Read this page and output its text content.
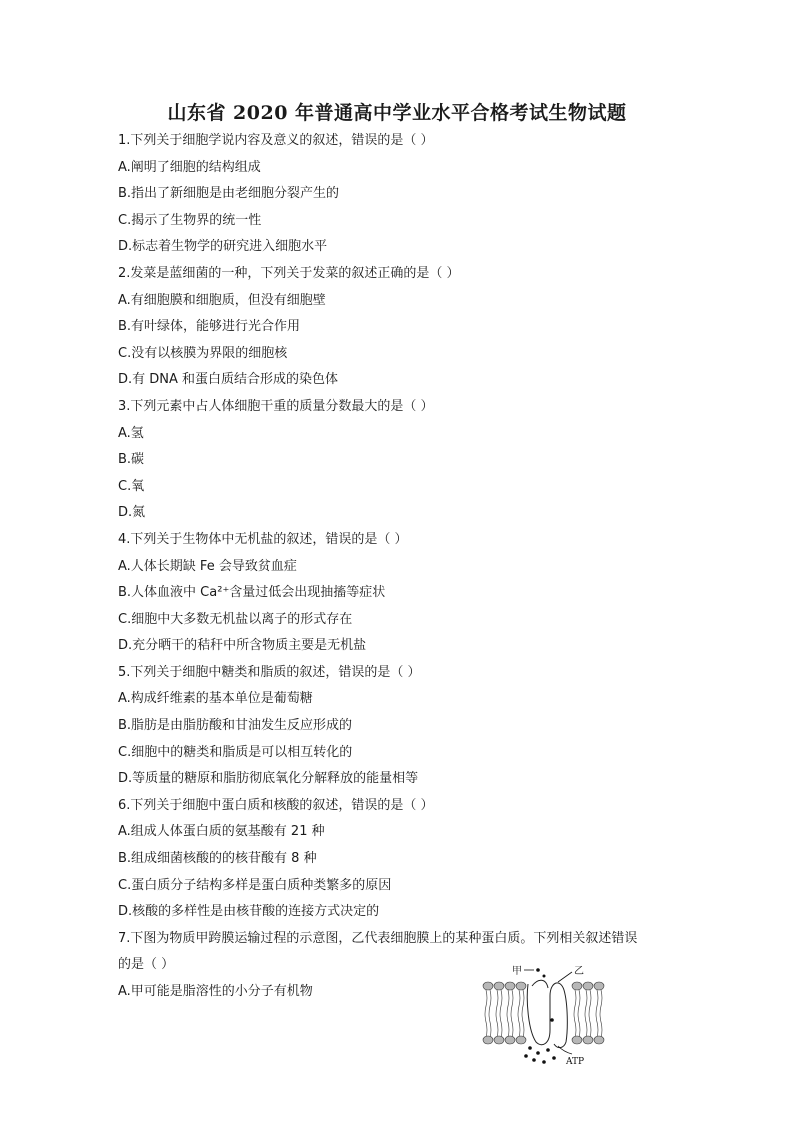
山东省 2020 年普通高中学业水平合格考试生物试题
1.下列关于细胞学说内容及意义的叙述，错误的是（ ）
A.阐明了细胞的结构组成
B.指出了新细胞是由老细胞分裂产生的
C.揭示了生物界的统一性
D.标志着生物学的研究进入细胞水平
2.发菜是蓝细菌的一种，下列关于发菜的叙述正确的是（ ）
A.有细胞膜和细胞质，但没有细胞壁
B.有叶绿体，能够进行光合作用
C.没有以核膜为界限的细胞核
D.有 DNA 和蛋白质结合形成的染色体
3.下列元素中占人体细胞干重的质量分数最大的是（ ）
A.氢
B.碳
C.氧
D.氮
4.下列关于生物体中无机盐的叙述，错误的是（ ）
A.人体长期缺 Fe 会导致贫血症
B.人体血液中 Ca²⁺含量过低会出现抽搐等症状
C.细胞中大多数无机盐以离子的形式存在
D.充分晒干的秸秆中所含物质主要是无机盐
5.下列关于细胞中糖类和脂质的叙述，错误的是（ ）
A.构成纤维素的基本单位是葡萄糖
B.脂肪是由脂肪酸和甘油发生反应形成的
C.细胞中的糖类和脂质是可以相互转化的
D.等质量的糖原和脂肪彻底氧化分解释放的能量相等
6.下列关于细胞中蛋白质和核酸的叙述，错误的是（ ）
A.组成人体蛋白质的氨基酸有 21 种
B.组成细菌核酸的的核苷酸有 8 种
C.蛋白质分子结构多样是蛋白质种类繁多的原因
D.核酸的多样性是由核苷酸的连接方式决定的
7.下图为物质甲跨膜运输过程的示意图，乙代表细胞膜上的某种蛋白质。下列相关叙述错误
的是（ ）
A.甲可能是脂溶性的小分子有机物
甲	乙
ATP
